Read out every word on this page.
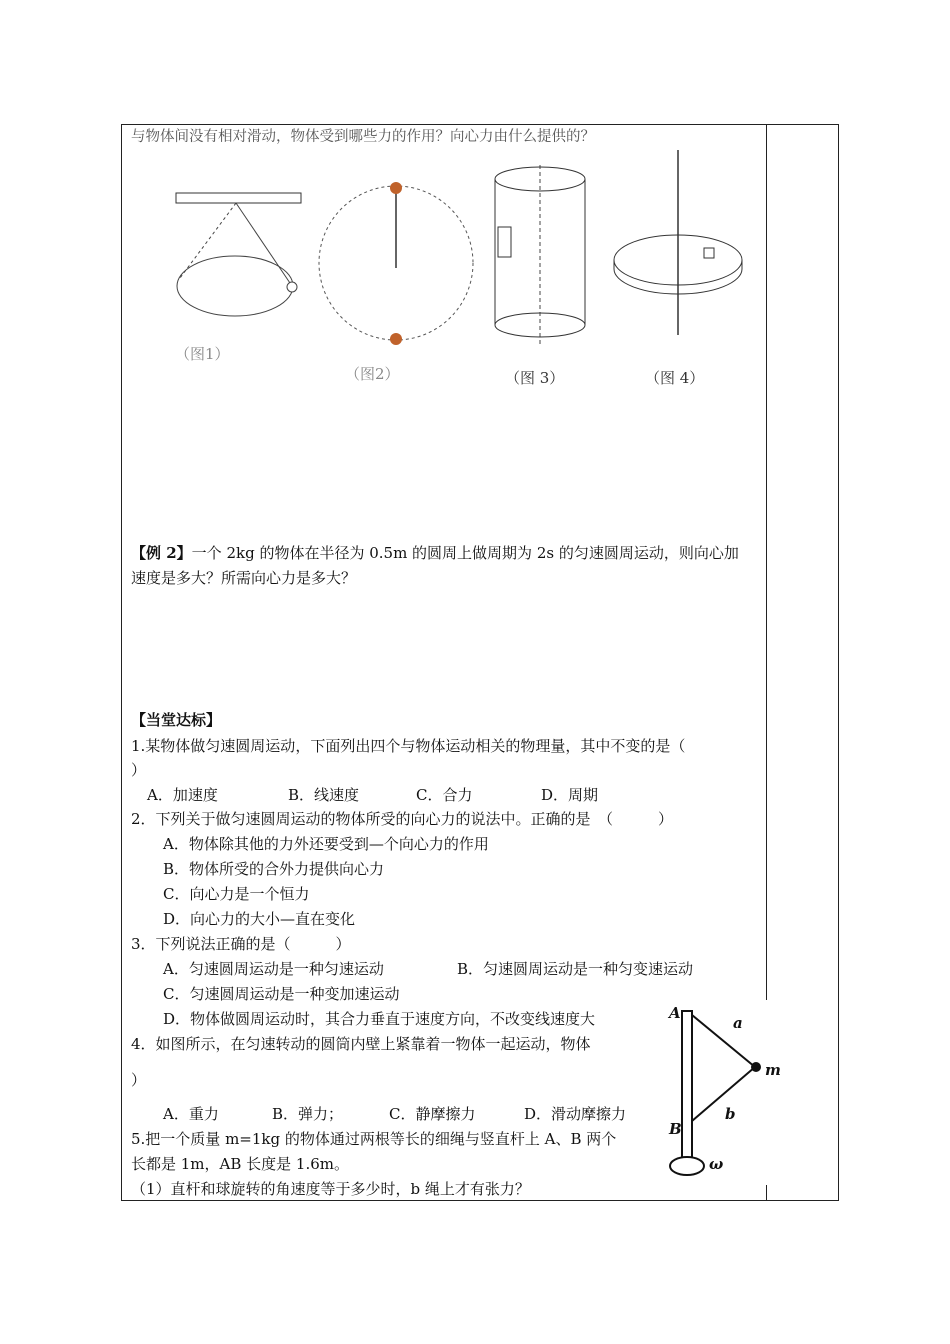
与物体间没有相对滑动，物体受到哪些力的作用？向心力由什么提供的？
（图1）
（图2）	（图 3）	（图 4）
【例 2】一个 2kg 的物体在半径为 0.5m 的圆周上做周期为 2s 的匀速圆周运动，则向心加
速度是多大？所需向心力是多大？
【当堂达标】
1.某物体做匀速圆周运动，下面列出四个与物体运动相关的物理量，其中不变的是（
）
A．加速度	B．线速度	C．合力	D．周期
2．下列关于做匀速圆周运动的物体所受的向心力的说法中。正确的是　（　　　）
A．物体除其他的力外还要受到—个向心力的作用
B．物体所受的合外力提供向心力
C．向心力是一个恒力
D．向心力的大小—直在变化
3．下列说法正确的是（　　　）
A．匀速圆周运动是一种匀速运动	B．匀速圆周运动是一种匀变速运动
C．匀速圆周运动是一种变加速运动
D．物体做圆周运动时，其合力垂直于速度方向，不改变线速度大
4．如图所示，在匀速转动的圆筒内壁上紧靠着一物体一起运动，物体
）
A．重力	B．弹力；	C．静摩擦力	D．滑动摩擦力
5.把一个质量 m=1kg 的物体通过两根等长的细绳与竖直杆上 A、B 两个
长都是 1m，AB 长度是 1.6m。
（1）直杆和球旋转的角速度等于多少时，b 绳上才有张力？
A
a
m
b
B
ω
